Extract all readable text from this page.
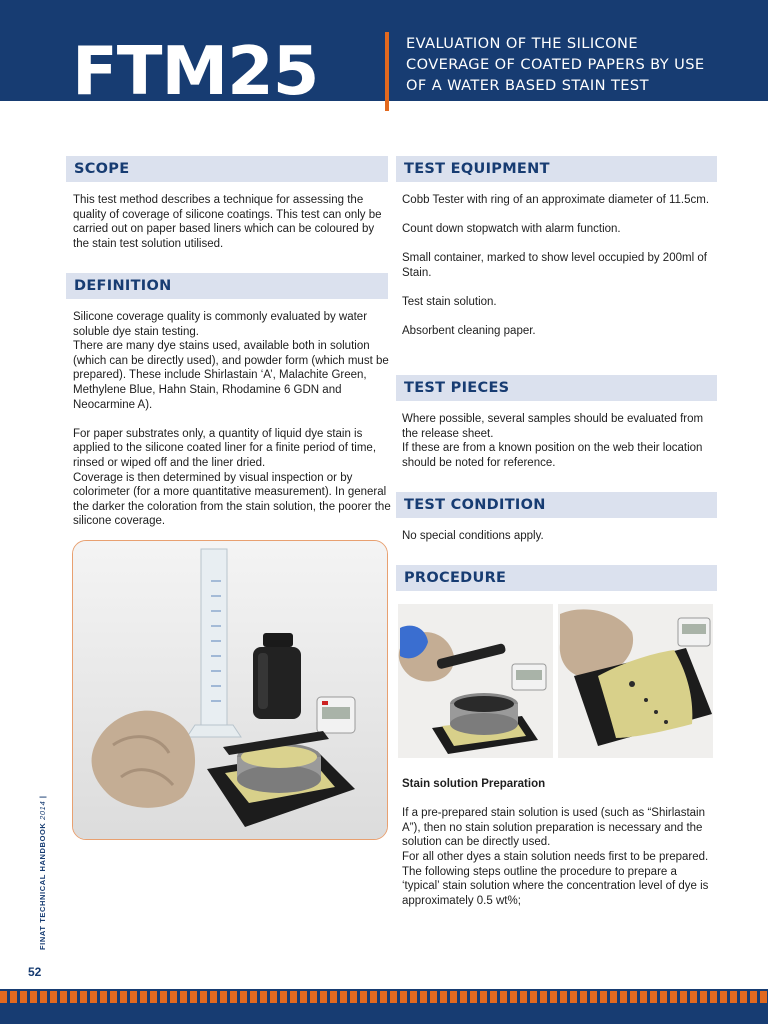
FTM25	EVALUATION OF THE SILICONE
COVERAGE OF COATED PAPERS BY USE
OF A WATER BASED STAIN TEST
SCOPE

This test method describes a technique for assessing the quality of coverage of silicone coatings. This test can only be carried out on paper based liners which can be coloured by the stain test solution utilised.

DEFINITION

Silicone coverage quality is commonly evaluated by water soluble dye stain testing.

There are many dye stains used, available both in solution (which can be directly used), and powder form (which must be prepared). These include Shirlastain ‘A’, Malachite Green, Methylene Blue, Hahn Stain, Rhodamine 6 GDN and Neocarmine A).

For paper substrates only, a quantity of liquid dye stain is applied to the silicone coated liner for a finite period of time, rinsed or wiped off and the liner dried.

Coverage is then determined by visual inspection or by colorimeter (for a more quantitative measurement). In general the darker the coloration from the stain solution, the poorer the silicone coverage.

TEST EQUIPMENT

Cobb Tester with ring of an approximate diameter of 11.5cm.

Count down stopwatch with alarm function.

Small container, marked to show level occupied by 200ml of Stain.

Test stain solution.

Absorbent cleaning paper.

TEST PIECES

Where possible, several samples should be evaluated from the release sheet.

If these are from a known position on the web their location should be noted for reference.

TEST CONDITION

No special conditions apply.

PROCEDURE

Stain solution Preparation

If a pre-prepared stain solution is used (such as “Shirlastain A”), then no stain solution preparation is necessary and the solution can be directly used.

For all other dyes a stain solution needs first to be prepared. The following steps outline the procedure to prepare a ‘typical’ stain solution where the concentration level of dye is approximately 0.5 wt%;

FINAT TECHNICAL HANDBOOK 2014 |
52
